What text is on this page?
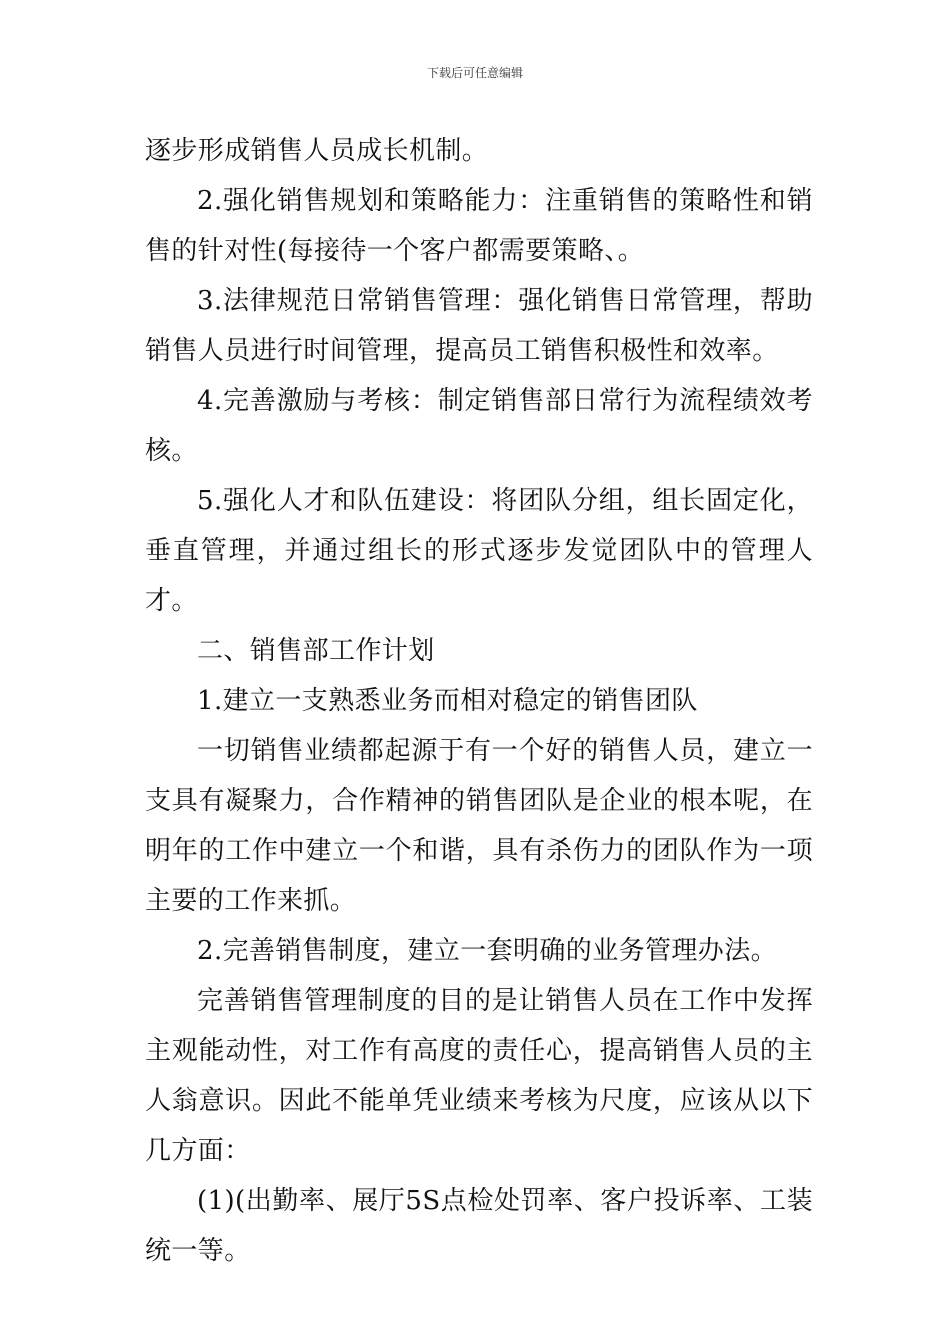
下载后可任意编辑

逐步形成销售人员成长机制。

2.强化销售规划和策略能力：注重销售的策略性和销售的针对性(每接待一个客户都需要策略、。

3.法律规范日常销售管理：强化销售日常管理，帮助销售人员进行时间管理，提高员工销售积极性和效率。

4.完善激励与考核：制定销售部日常行为流程绩效考核。

5.强化人才和队伍建设：将团队分组，组长固定化，垂直管理，并通过组长的形式逐步发觉团队中的管理人才。

二、销售部工作计划

1.建立一支熟悉业务而相对稳定的销售团队

一切销售业绩都起源于有一个好的销售人员，建立一支具有凝聚力，合作精神的销售团队是企业的根本呢，在明年的工作中建立一个和谐，具有杀伤力的团队作为一项主要的工作来抓。

2.完善销售制度，建立一套明确的业务管理办法。

完善销售管理制度的目的是让销售人员在工作中发挥主观能动性，对工作有高度的责任心，提高销售人员的主人翁意识。因此不能单凭业绩来考核为尺度，应该从以下几方面：

(1)(出勤率、展厅5S点检处罚率、客户投诉率、工装统一等。
